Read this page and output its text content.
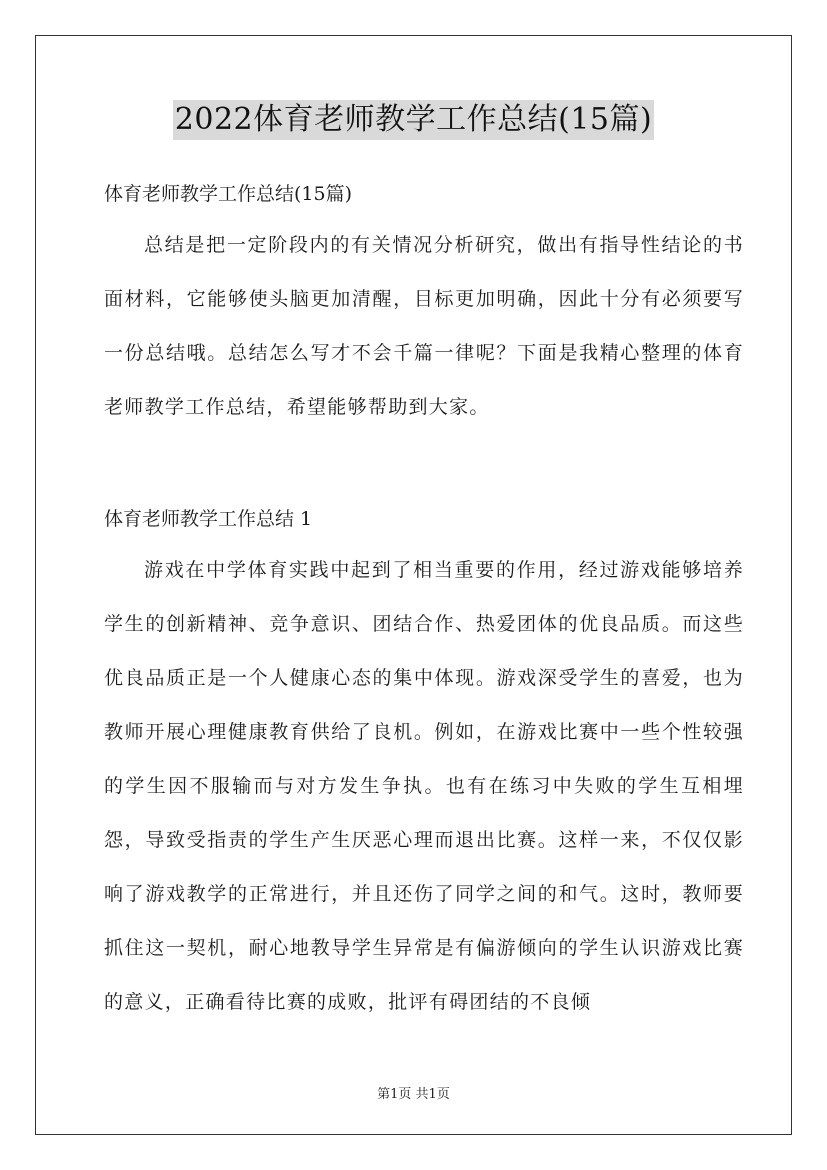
2022体育老师教学工作总结(15篇)
体育老师教学工作总结(15篇)
总结是把一定阶段内的有关情况分析研究，做出有指导性结论的书面材料，它能够使头脑更加清醒，目标更加明确，因此十分有必须要写一份总结哦。总结怎么写才不会千篇一律呢？下面是我精心整理的体育老师教学工作总结，希望能够帮助到大家。
体育老师教学工作总结 1
游戏在中学体育实践中起到了相当重要的作用，经过游戏能够培养学生的创新精神、竞争意识、团结合作、热爱团体的优良品质。而这些优良品质正是一个人健康心态的集中体现。游戏深受学生的喜爱，也为教师开展心理健康教育供给了良机。例如，在游戏比赛中一些个性较强的学生因不服输而与对方发生争执。也有在练习中失败的学生互相埋怨，导致受指责的学生产生厌恶心理而退出比赛。这样一来，不仅仅影响了游戏教学的正常进行，并且还伤了同学之间的和气。这时，教师要抓住这一契机，耐心地教导学生异常是有偏游倾向的学生认识游戏比赛的意义，正确看待比赛的成败，批评有碍团结的不良倾
第1页 共1页
